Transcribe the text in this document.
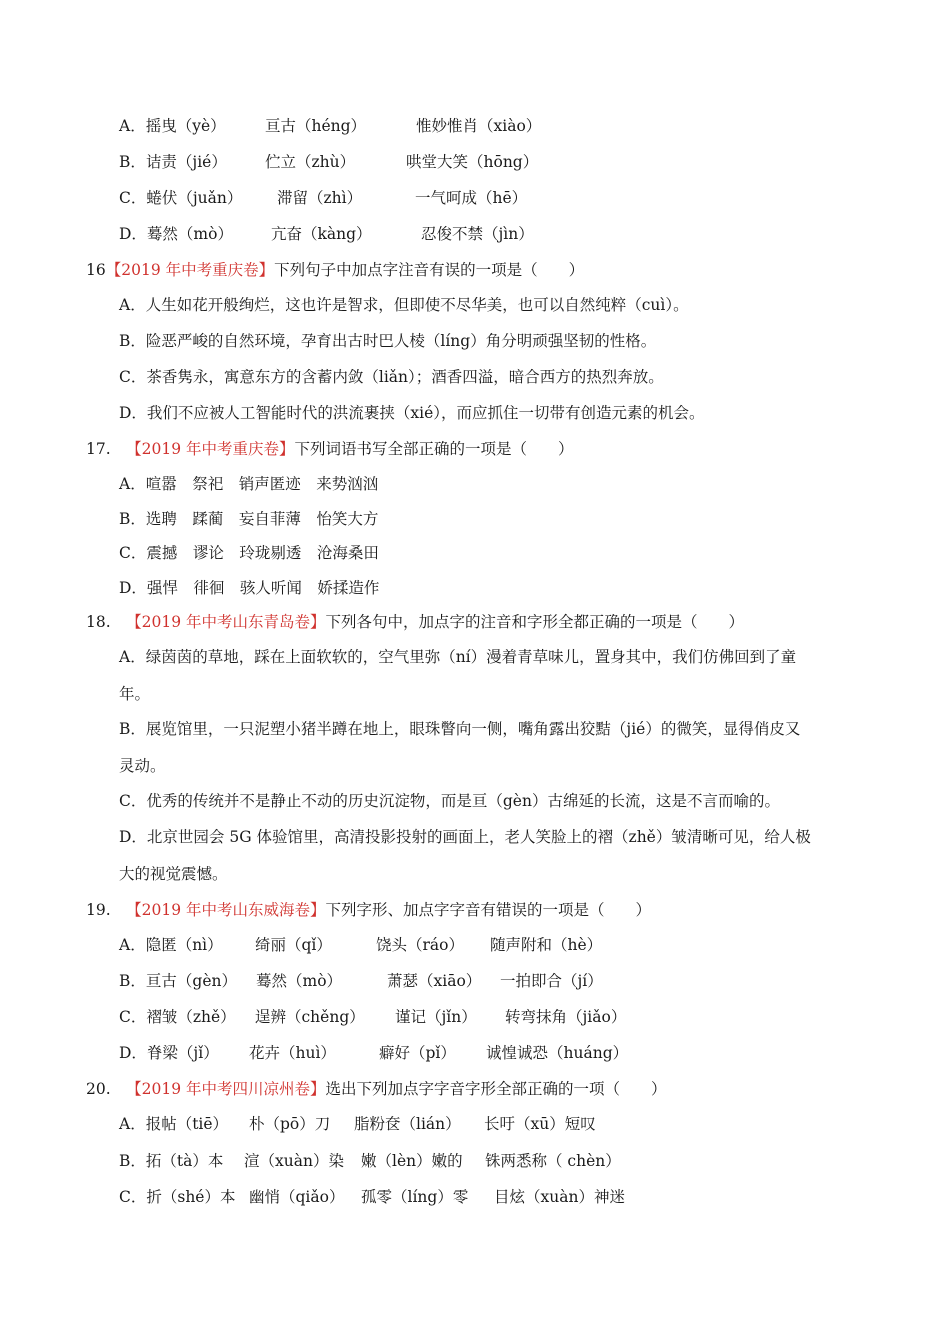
A．摇曳（yè）	亘古（héng）	惟妙惟肖（xiào）
B．诘责（jié） 伫立（zhù）	哄堂大笑（hōng）
C．蜷伏（juǎn） 滞留（zhì）	一气呵成（hē）
D．蓦然（mò） 亢奋（kàng）	忍俊不禁（jìn）
16【2019 年中考重庆卷】下列句子中加点字注音有误的一项是（　　）
A．人生如花开般绚烂，这也许是智求，但即使不尽华美，也可以自然纯粹（cuì）。
B．险恶严峻的自然环境，孕育出古时巴人棱（líng）角分明顽强坚韧的性格。
C．茶香隽永，寓意东方的含蓄内敛（liǎn）；酒香四溢，暗合西方的热烈奔放。
D．我们不应被人工智能时代的洪流裹挟（xié），而应抓住一切带有创造元素的机会。
17.  【2019 年中考重庆卷】下列词语书写全部正确的一项是（　　）
A．喧嚣　祭祀　销声匿迹　来势汹汹
B．选聘　蹂蔺　妄自菲薄　怡笑大方
C．震撼　谬论　玲珑剔透　沧海桑田
D．强悍　徘徊　骇人听闻　娇揉造作
18.  【2019 年中考山东青岛卷】下列各句中，加点字的注音和字形全都正确的一项是（　　）
A．绿茵茵的草地，踩在上面软软的，空气里弥（ní）漫着青草味儿，置身其中，我们仿佛回到了童
年。
B．展览馆里，一只泥塑小猪半蹲在地上，眼珠瞥向一侧，嘴角露出狡黠（jié）的微笑，显得俏皮又
灵动。
C．优秀的传统并不是静止不动的历史沉淀物，而是亘（gèn）古绵延的长流，这是不言而喻的。
D．北京世园会 5G 体验馆里，高清投影投射的画面上，老人笑脸上的褶（zhě）皱清晰可见，给人极
大的视觉震憾。
19.  【2019 年中考山东威海卷】下列字形、加点字字音有错误的一项是（　　）
A．隐匿（nì） 绮丽（qǐ）	饶头（ráo） 随声附和（hè）
B．亘古（gèn） 蓦然（mò）	萧瑟（xiāo） 一拍即合（jí）
C．褶皱（zhě） 逞辨（chěng） 谨记（jǐn） 转弯抹角（jiǎo）
D．脊梁（jǐ） 花卉（huì）	癖好（pǐ） 诚惶诚恐（huáng）
20.  【2019 年中考四川凉州卷】选出下列加点字字音字形全部正确的一项（　　）
A．报帖（tiē） 朴（pō）刀 脂粉奁（lián） 长吁（xū）短叹
B．拓（tà）本 渲（xuàn）染 嫩（lèn）嫩的 铢两悉称（ chèn）
C．折（shé）本 幽悄（qiǎo） 孤零（líng）零 目炫（xuàn）神迷
